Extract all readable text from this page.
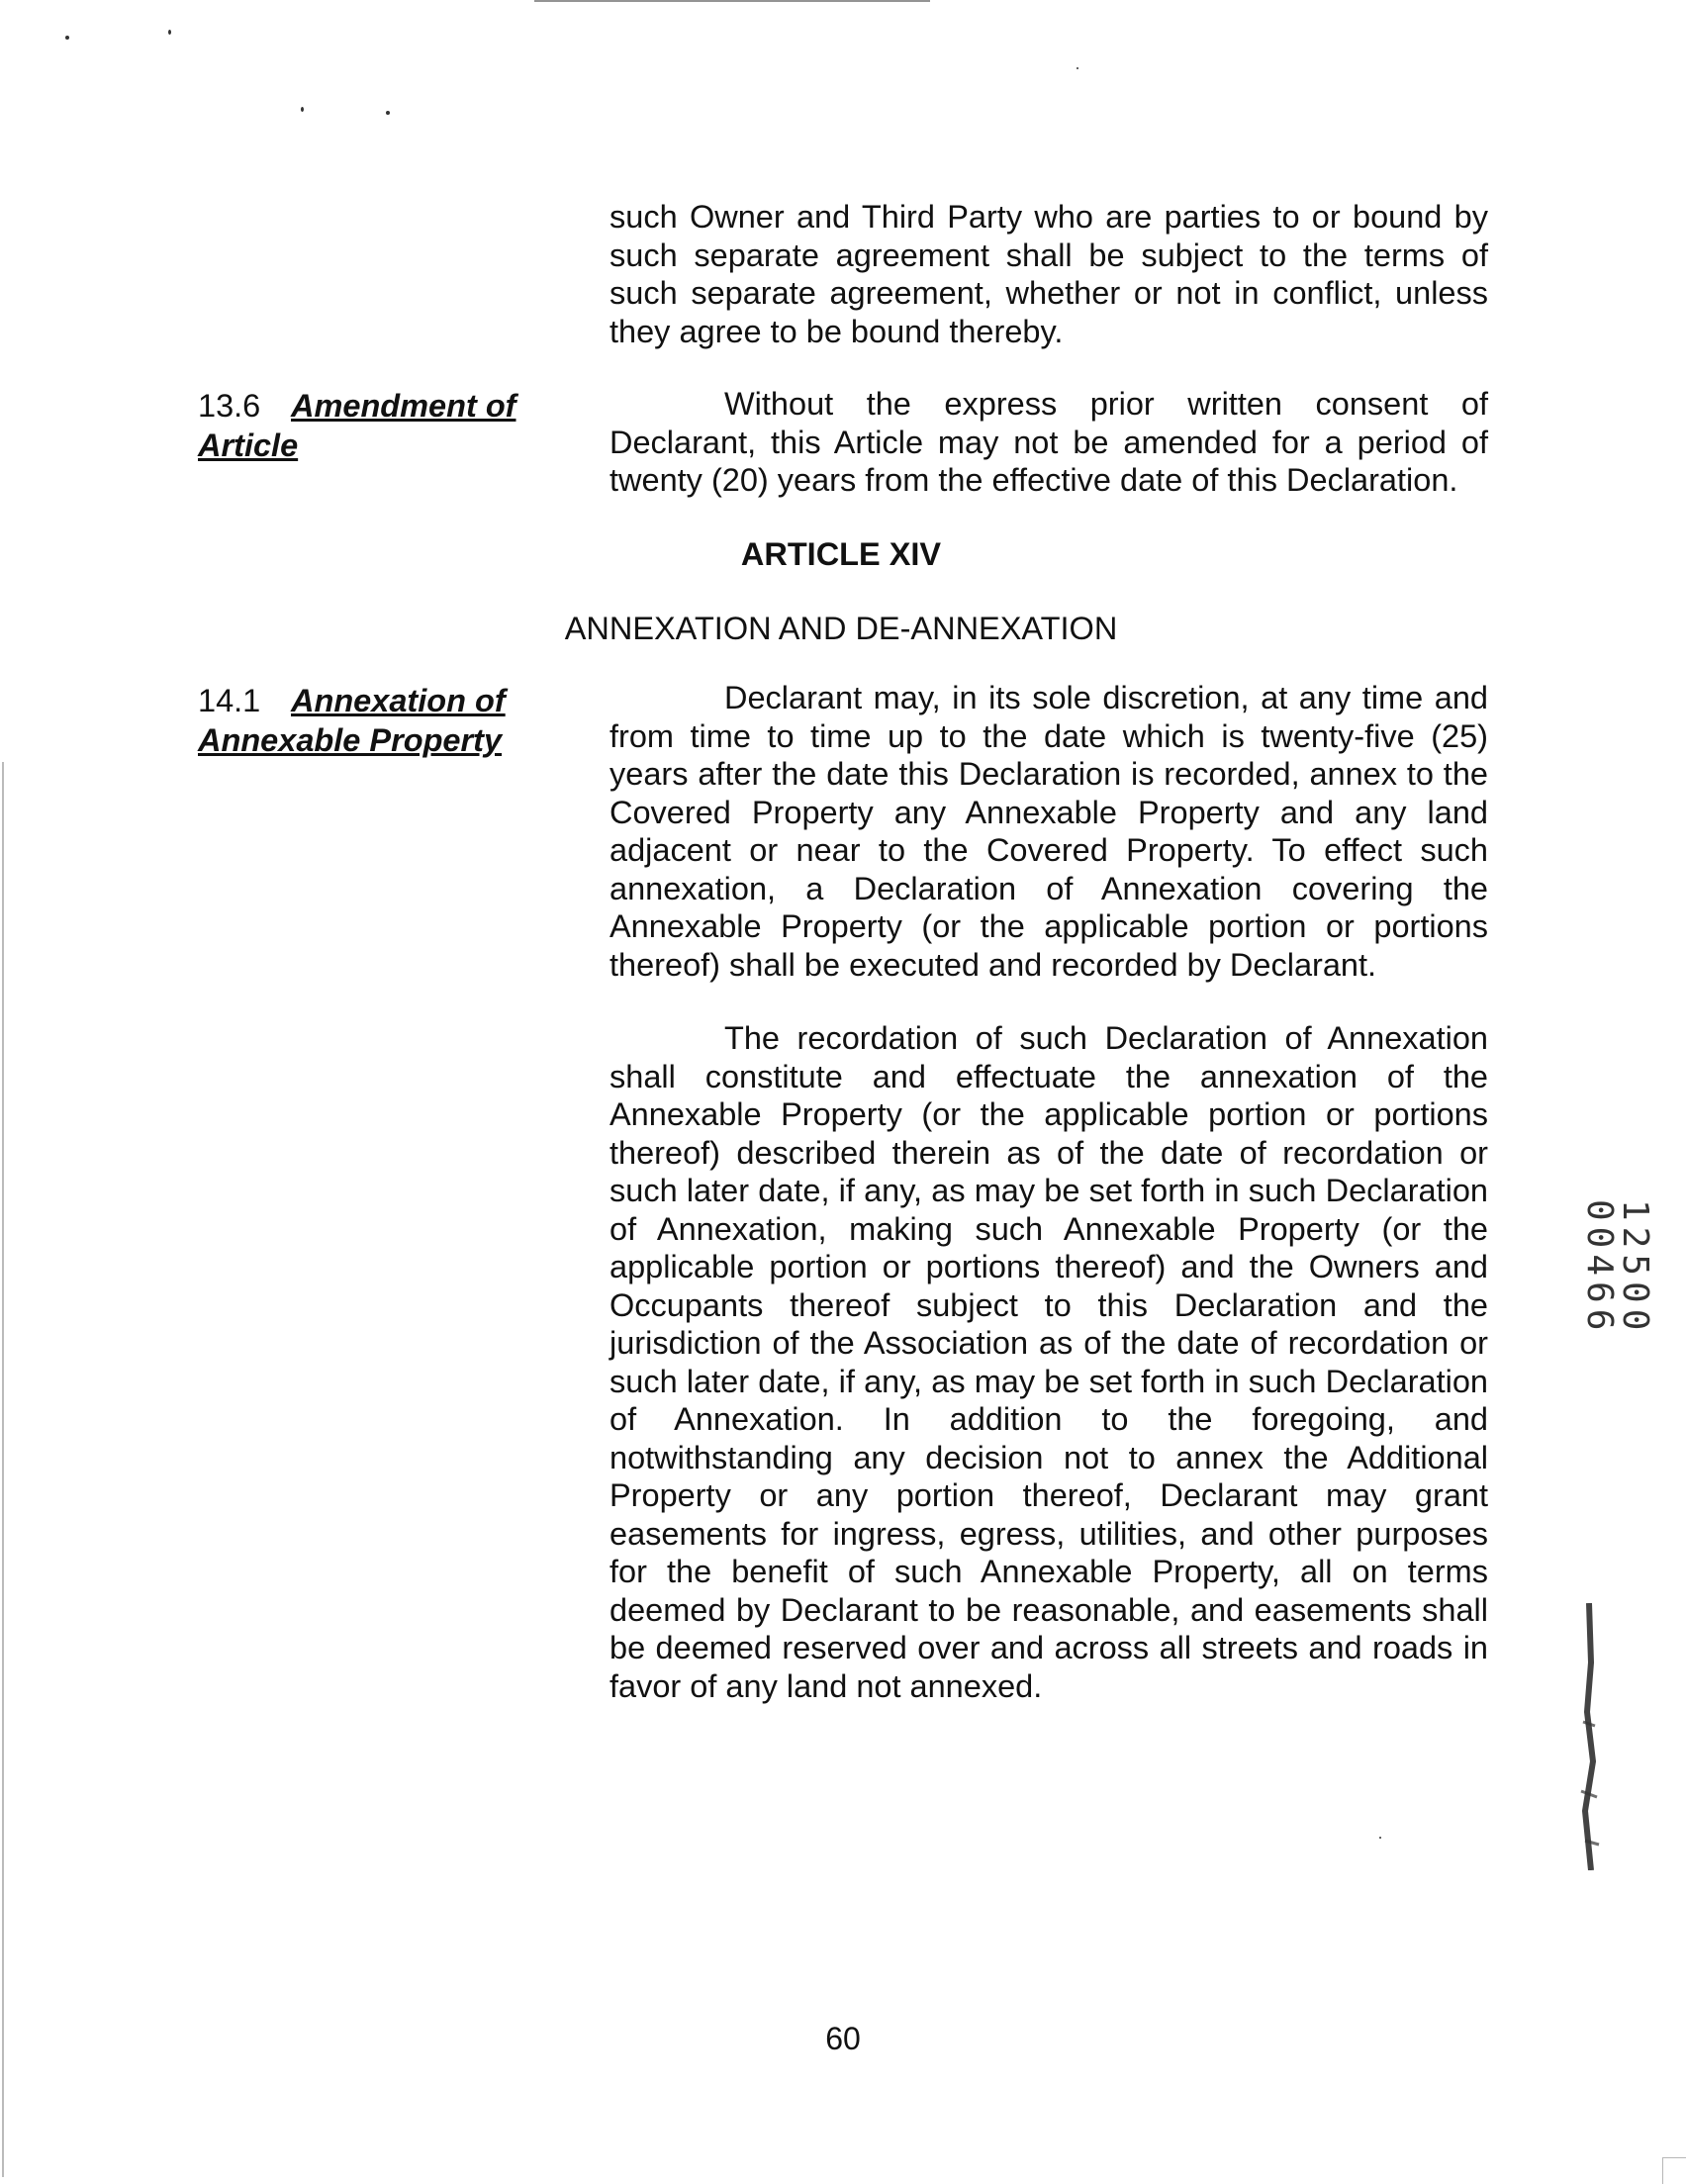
such Owner and Third Party who are parties to or bound by such separate agreement shall be subject to the terms of such separate agreement, whether or not in conflict, unless they agree to be bound thereby.

13.6 Amendment of
Article

Without the express prior written consent of Declarant, this Article may not be amended for a period of twenty (20) years from the effective date of this Declaration.

ARTICLE XIV
ANNEXATION AND DE-ANNEXATION
14.1 Annexation of
Annexable Property

Declarant may, in its sole discretion, at any time and from time to time up to the date which is twenty-five (25) years after the date this Declaration is recorded, annex to the Covered Property any Annexable Property and any land adjacent or near to the Covered Property. To effect such annexation, a Declaration of Annexation covering the Annexable Property (or the applicable portion or portions thereof) shall be executed and recorded by Declarant.

The recordation of such Declaration of Annexation shall constitute and effectuate the annexation of the Annexable Property (or the applicable portion or portions thereof) described therein as of the date of recordation or such later date, if any, as may be set forth in such Declaration of Annexation, making such Annexable Property (or the applicable portion or portions thereof) and the Owners and Occupants thereof subject to this Declaration and the jurisdiction of the Association as of the date of recordation or such later date, if any, as may be set forth in such Declaration of Annexation. In addition to the foregoing, and notwithstanding any decision not to annex the Additional Property or any portion thereof, Declarant may grant easements for ingress, egress, utilities, and other purposes for the benefit of such Annexable Property, all on terms deemed by Declarant to be reasonable, and easements shall be deemed reserved over and across all streets and roads in favor of any land not annexed.

60
12500 00466
